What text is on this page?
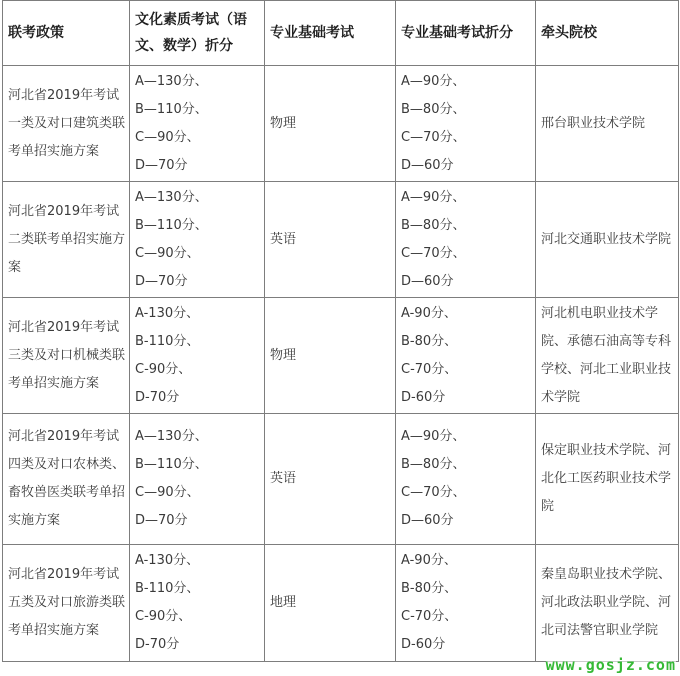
联考政策	文化素质考试（语文、数学）折分	专业基础考试	专业基础考试折分	牵头院校
河北省2019年考试一类及对口建筑类联考单招实施方案	A—130分、
B—110分、
C—90分、
D—70分	物理	A—90分、
B—80分、
C—70分、
D—60分	邢台职业技术学院
河北省2019年考试二类联考单招实施方案	A—130分、
B—110分、
C—90分、
D—70分	英语	A—90分、
B—80分、
C—70分、
D—60分	河北交通职业技术学院
河北省2019年考试三类及对口机械类联考单招实施方案	A-130分、
B-110分、
C-90分、
D-70分	物理	A-90分、
B-80分、
C-70分、
D-60分	河北机电职业技术学院、承德石油高等专科学校、河北工业职业技术学院
河北省2019年考试四类及对口农林类、畜牧兽医类联考单招实施方案	A—130分、
B—110分、
C—90分、
D—70分	英语	A—90分、
B—80分、
C—70分、
D—60分	保定职业技术学院、河北化工医药职业技术学院
河北省2019年考试五类及对口旅游类联考单招实施方案	A-130分、
B-110分、
C-90分、
D-70分	地理	A-90分、
B-80分、
C-70分、
D-60分	秦皇岛职业技术学院、河北政法职业学院、河北司法警官职业学院
www.gosjz.com
